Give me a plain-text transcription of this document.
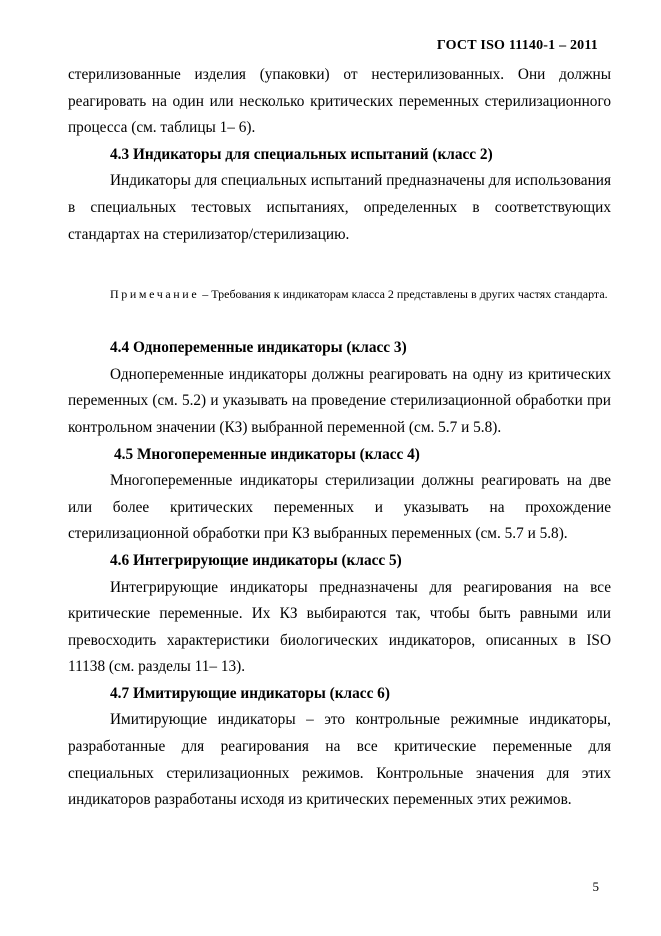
ГОСТ ISO 11140-1 – 2011

стерилизованные изделия (упаковки) от нестерилизованных. Они должны реагировать на один или несколько критических переменных стерилизационного процесса (см. таблицы 1– 6).

4.3 Индикаторы для специальных испытаний (класс 2)

Индикаторы для специальных испытаний предназначены для использования в специальных тестовых испытаниях, определенных в соответствующих стандартах на стерилизатор/стерилизацию.

Примечание – Требования к индикаторам класса 2 представлены в других частях стандарта.

4.4 Однопеременные индикаторы (класс 3)

Однопеременные индикаторы должны реагировать на одну из критических переменных (см. 5.2) и указывать на проведение стерилизационной обработки при контрольном значении (КЗ) выбранной переменной (см. 5.7 и 5.8).

4.5 Многопеременные индикаторы (класс 4)

Многопеременные индикаторы стерилизации должны реагировать на две или более критических переменных и указывать на прохождение стерилизационной обработки при КЗ выбранных переменных (см. 5.7 и 5.8).

4.6 Интегрирующие индикаторы (класс 5)

Интегрирующие индикаторы предназначены для реагирования на все критические переменные. Их КЗ выбираются так, чтобы быть равными или превосходить характеристики биологических индикаторов, описанных в ISO 11138 (см. разделы 11– 13).

4.7 Имитирующие индикаторы (класс 6)

Имитирующие индикаторы – это контрольные режимные индикаторы, разработанные для реагирования на все критические переменные для специальных стерилизационных режимов. Контрольные значения для этих индикаторов разработаны исходя из критических переменных этих режимов.

5
